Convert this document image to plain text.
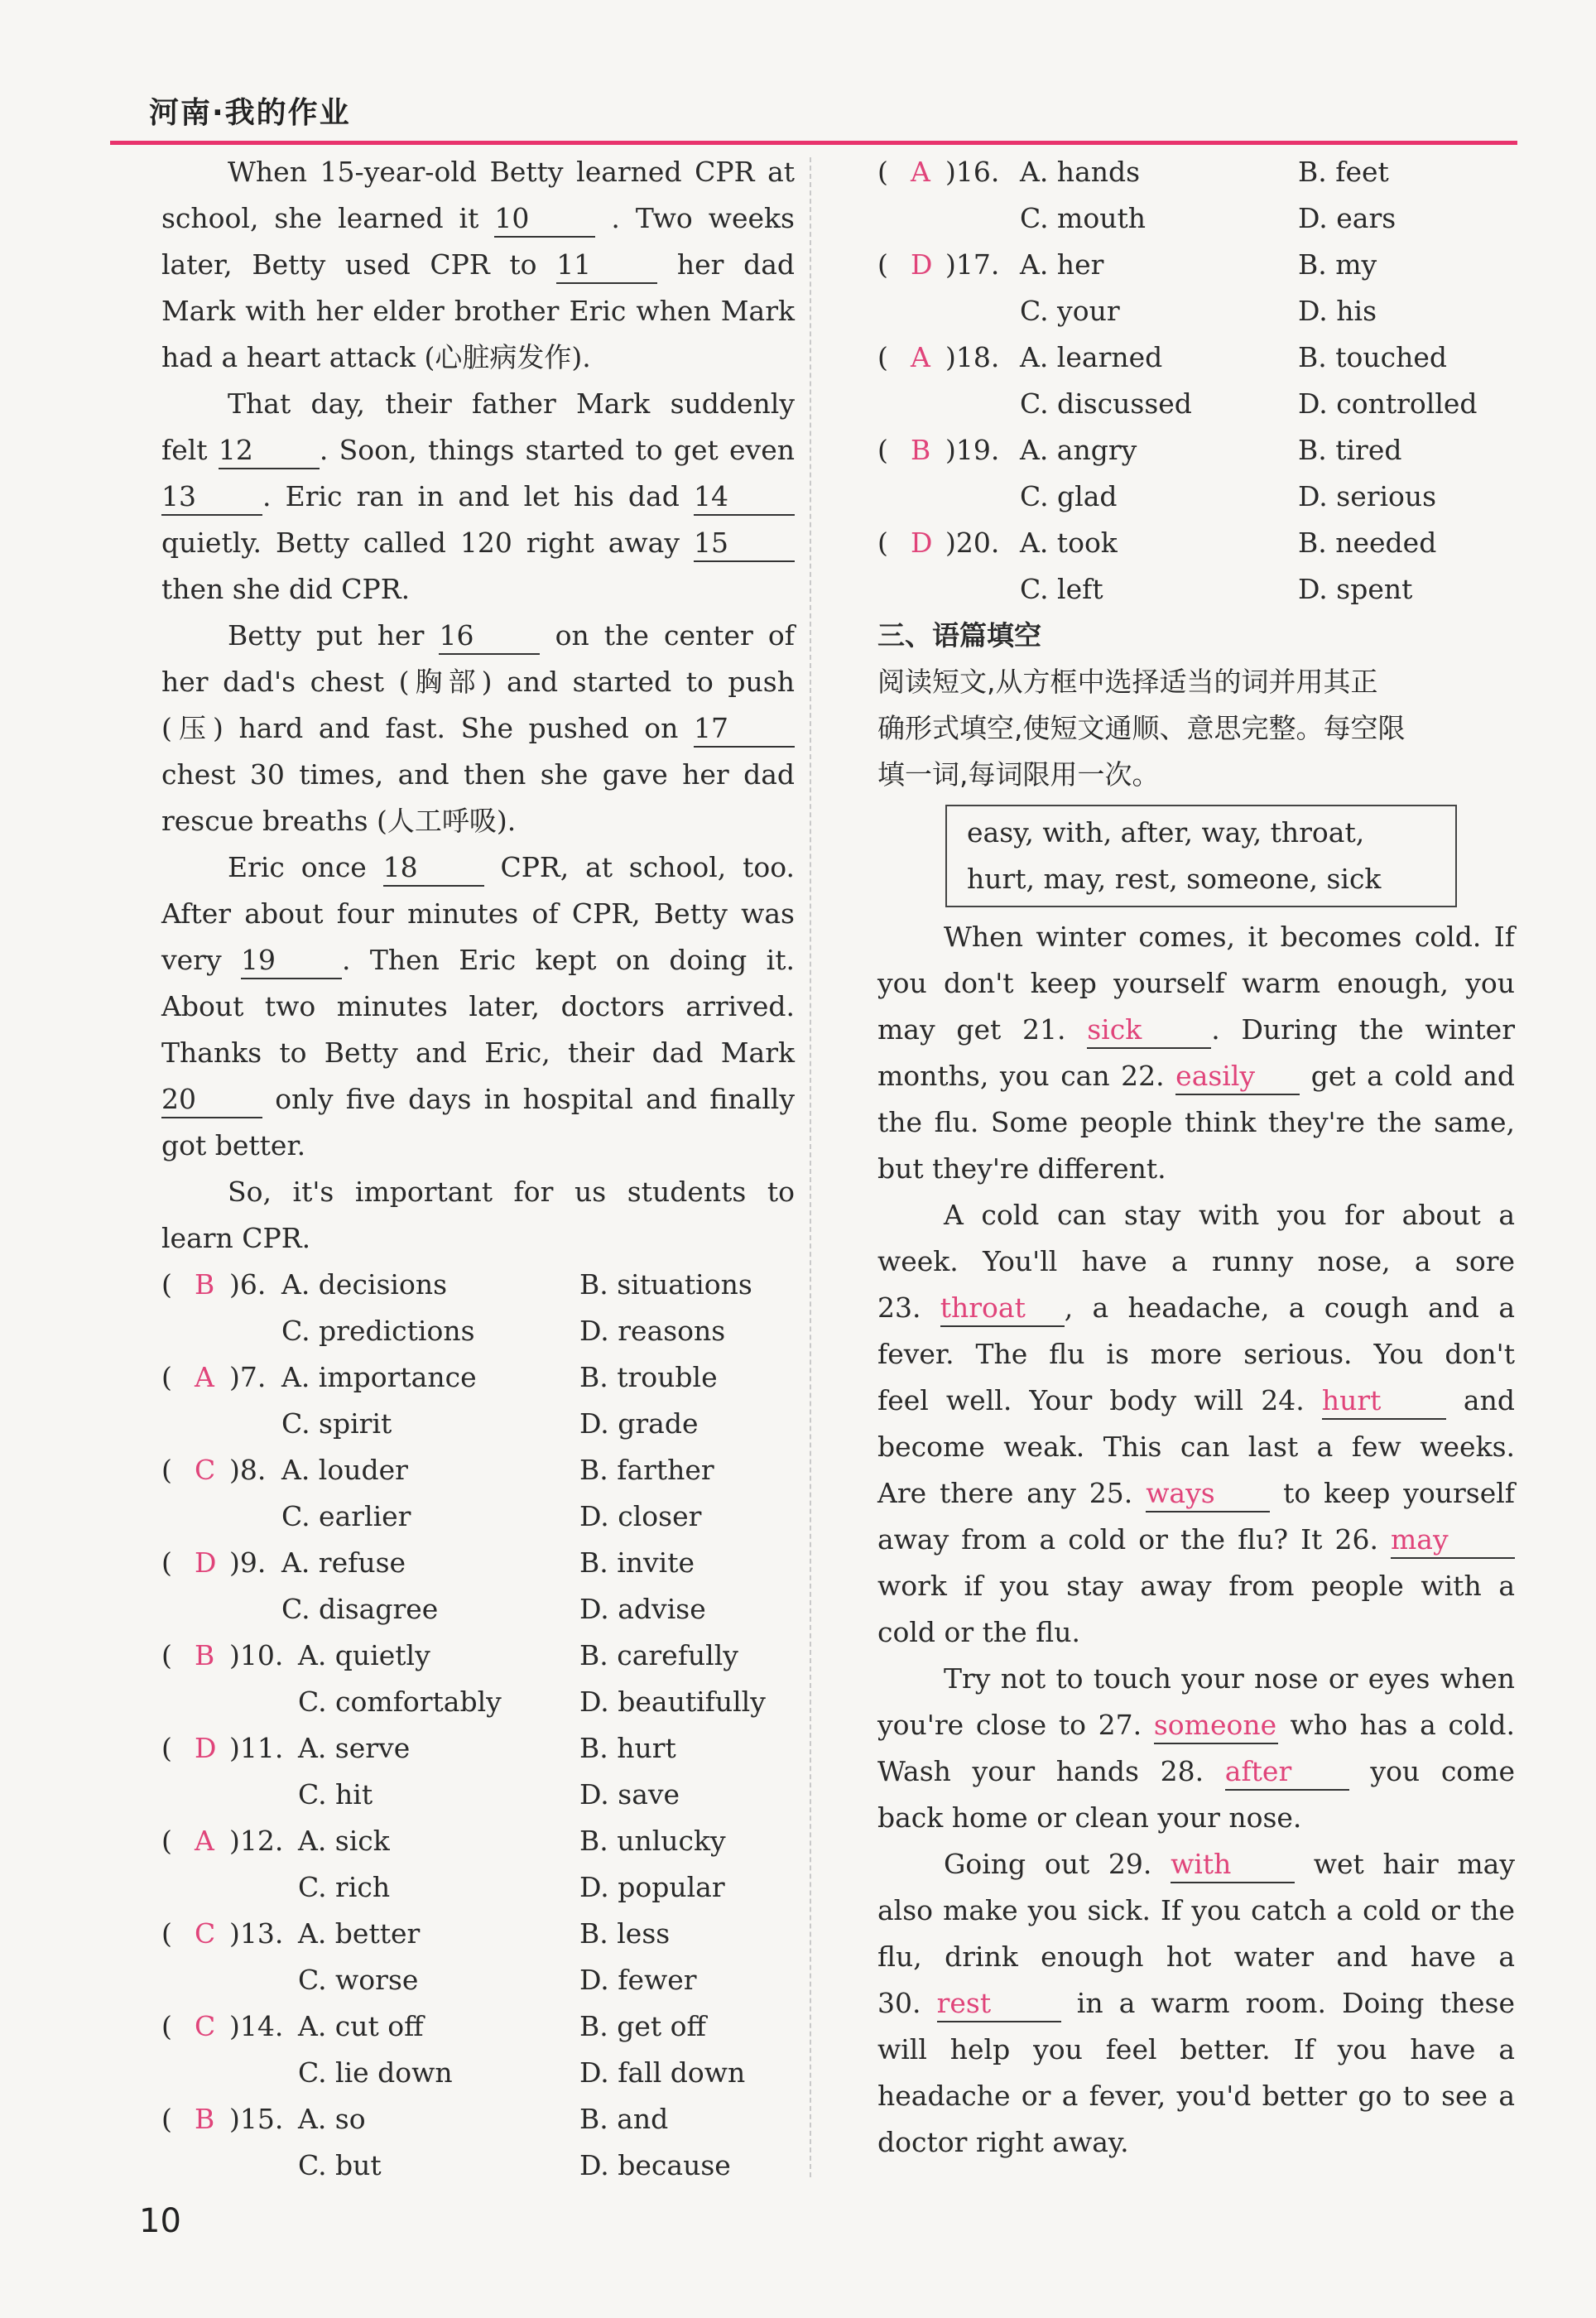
河南·我的作业

When 15-year-old Betty learned CPR at

school, she learned it 10	. Two weeks

later, Betty used CPR to 11	her dad

Mark with her elder brother Eric when Mark

had a heart attack (心脏病发作).

That day, their father Mark suddenly

felt 12 . Soon, things started to get even

13 . Eric ran in and let his dad 14

quietly. Betty called 120 right away 15

then she did CPR.

Betty put her 16	on the center of

her dad's chest (胸部) and started to push

(压) hard and fast. She pushed on 17

chest 30 times, and then she gave her dad

rescue breaths (人工呼吸).

Eric once 18	CPR, at school, too.

After about four minutes of CPR, Betty was

very 19 . Then Eric kept on doing it.

About two minutes later, doctors arrived.

Thanks to Betty and Eric, their dad Mark

20	only five days in hospital and finally

got better.

So, it's important for us students to

learn CPR.

( B )6. A. decisions	B. situations
C. predictions	D. reasons
( A )7. A. importance	B. trouble
C. spirit	D. grade
( C )8. A. louder	B. farther
C. earlier	D. closer
( D )9. A. refuse	B. invite
C. disagree	D. advise
( B )10. A. quietly	B. carefully
C. comfortably	D. beautifully
( D )11. A. serve	B. hurt
C. hit	D. save
( A )12. A. sick	B. unlucky
C. rich	D. popular
( C )13. A. better	B. less
C. worse	D. fewer
( C )14. A. cut off	B. get off
C. lie down	D. fall down
( B )15. A. so	B. and
C. but	D. because
( A )16. A. hands	B. feet
C. mouth	D. ears
( D )17. A. her	B. my
C. your	D. his
( A )18. A. learned	B. touched
C. discussed	D. controlled
( B )19. A. angry	B. tired
C. glad	D. serious
( D )20. A. took	B. needed
C. left	D. spent

三、语篇填空

阅读短文,从方框中选择适当的词并用其正

确形式填空,使短文通顺、意思完整。每空限

填一词,每词限用一次。

easy, with, after, way, throat,
hurt, may, rest, someone, sick

When winter comes, it becomes cold. If

you don't keep yourself warm enough, you

may get 21. sick	. During the winter

months, you can 22. easily get a cold and

the flu. Some people think they're the same,

but they're different.

A cold can stay with you for about a

week. You'll have a runny nose, a sore

23. throat , a headache, a cough and a

fever. The flu is more serious. You don't

feel well. Your body will 24. hurt	and

become weak. This can last a few weeks.

Are there any 25. ways to keep yourself

away from a cold or the flu? It 26. may

work if you stay away from people with a

cold or the flu.

Try not to touch your nose or eyes when

you're close to 27. someone who has a cold.

Wash your hands 28. after	you come

back home or clean your nose.

Going out 29. with	wet hair may

also make you sick. If you catch a cold or the

flu, drink enough hot water and have a

30. rest	in a warm room. Doing these

will help you feel better. If you have a

headache or a fever, you'd better go to see a

doctor right away.

10
